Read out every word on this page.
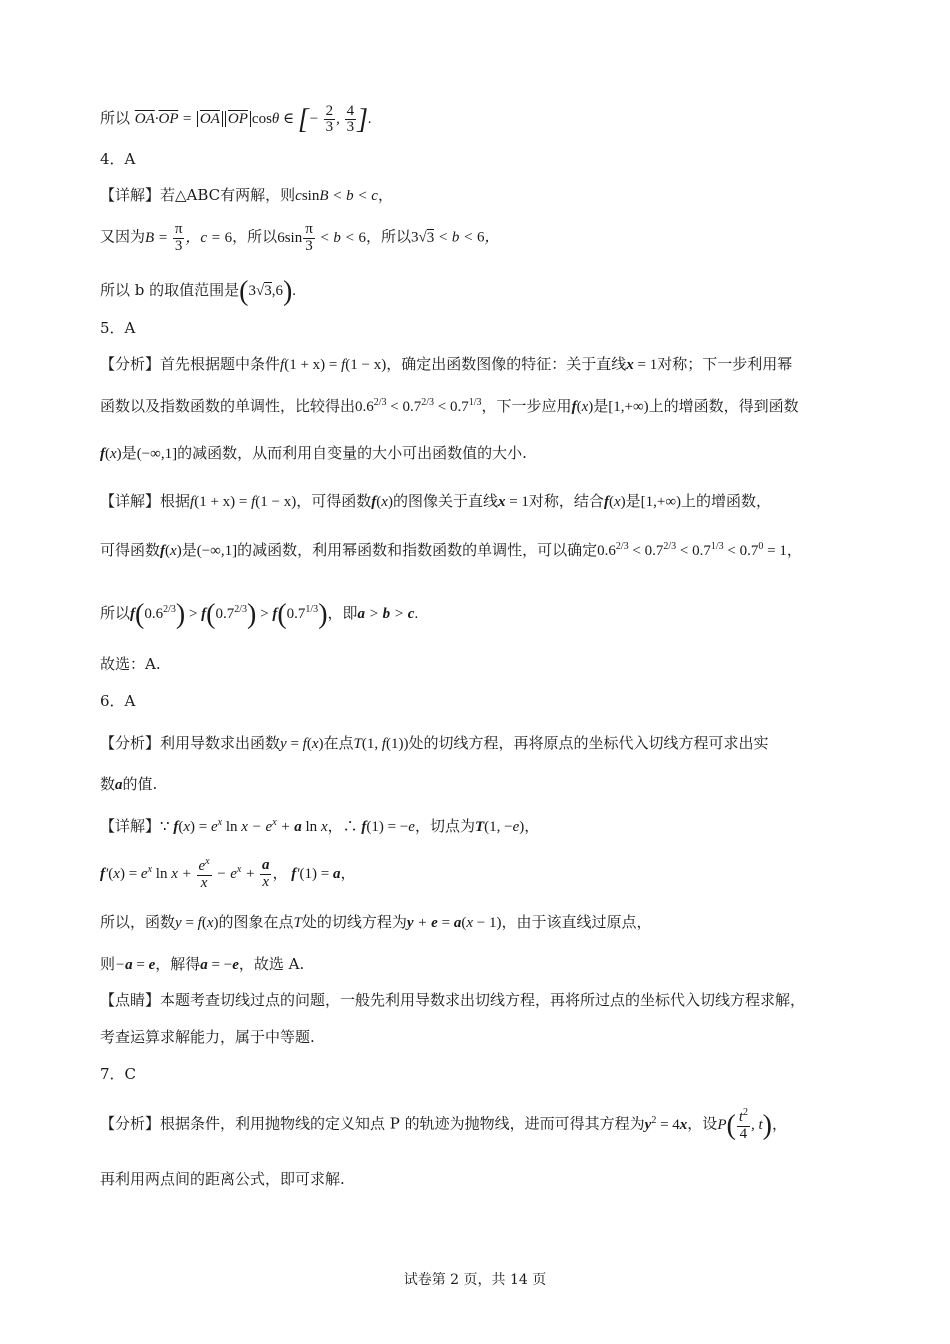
所以 $\overline{OA}\cdot\overline{OP} = \overline{OA}$ $\overline{OP}$ cosθ ∈ [− $\frac{2}{3}$ , $\frac{4}{3}$ ].
4．A
【详解】若△ABC有两解，则csinB < b < c，
又因为$B = \frac{\pi}{3}$ ，c = 6，所以$6\sin \frac{\pi}{3} < b < 6$，所以3√3 < b < 6，
所以 b 的取值范围是(3√3,6).
5．A
【分析】首先根据题中条件f(1 + x) = f(1 − x)，确定出函数图像的特征：关于直线x = 1对称；下一步利用幂
函数以及指数函数的单调性，比较得出$0.6^{2/3} < 0.7^{2/3} < 0.7^{1/3}$，下一步应用f(x)是[1,+∞)上的增函数，得到函数
f(x)是(−∞,1]的减函数，从而利用自变量的大小可出函数值的大小.
【详解】根据f(1 + x) = f(1 − x)，可得函数f(x)的图像关于直线x = 1对称，结合f(x)是[1,+∞)上的增函数，
可得函数f(x)是(−∞,1]的减函数，利用幂函数和指数函数的单调性，可以确定$0.6^{2/3} < 0.7^{2/3} < 0.7^{1/3} < 0.7^0 = 1$，
所以$f(0.6^{2/3}) > f(0.7^{2/3}) > f(0.7^{1/3})$，即a > b > c.
故选：A.
6．A
【分析】利用导数求出函数y = f(x)在点T(1, f(1))处的切线方程，再将原点的坐标代入切线方程可求出实
数a的值.
【详解】∵ $f(x) = e^x$ $\ln x - e^x + a$ ln x，∴ f(1) = −e，切点为T(1, −e)，
$f'(x) = e^x$ $\ln x + \frac{e^x}{x} - e^x + \frac{a}{x}$ ， f′(1) = a，
所以，函数y = f(x)的图象在点T处的切线方程为y + e = a(x − 1)，由于该直线过原点，
则−a = e，解得a = −e，故选 A.
【点睛】本题考查切线过点的问题，一般先利用导数求出切线方程，再将所过点的坐标代入切线方程求解，
考查运算求解能力，属于中等题.
7．C
【分析】根据条件，利用抛物线的定义知点 P 的轨迹为抛物线，进而可得其方程为$y^2 = 4x$，设$P( \frac{t^2}{4}$ , t)，
再利用两点间的距离公式，即可求解.
试卷第 2 页，共 14 页
